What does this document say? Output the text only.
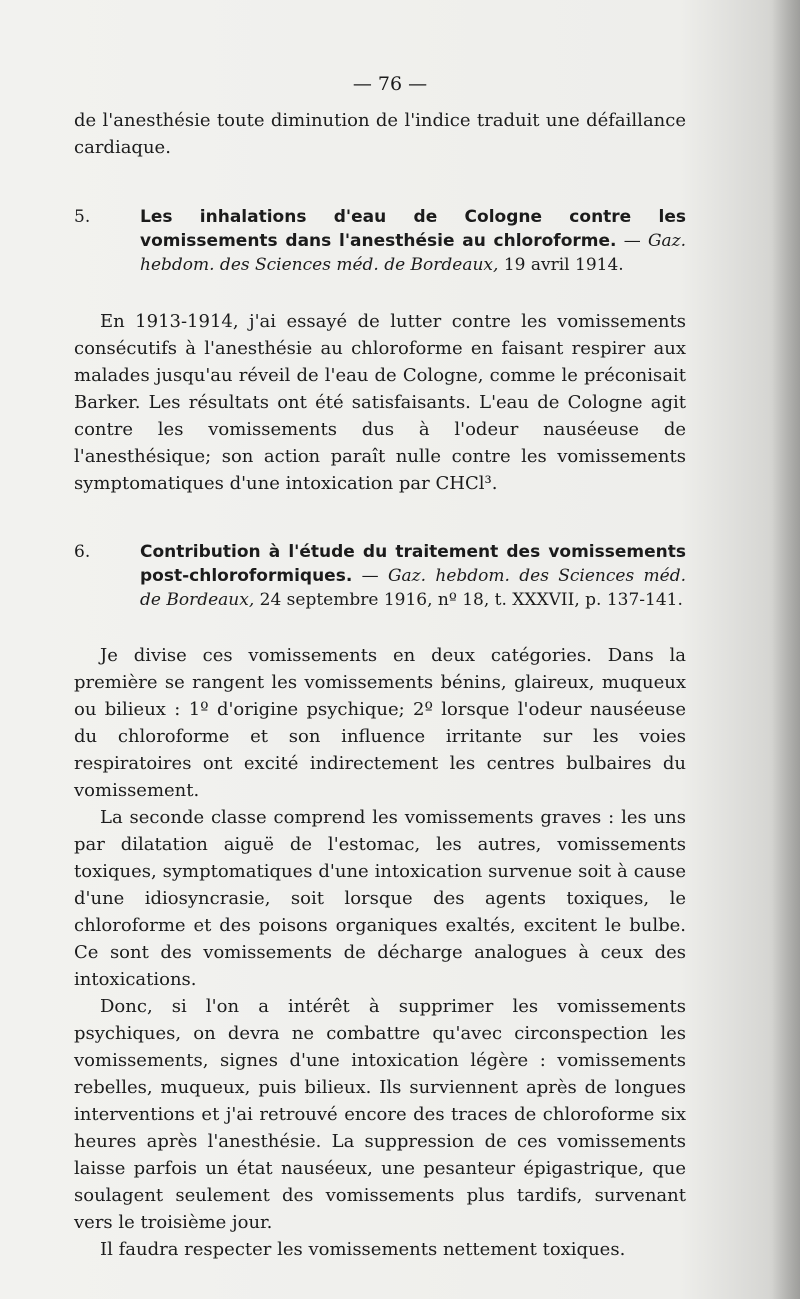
— 76 —

de l'anesthésie toute diminution de l'indice traduit une défaillance cardiaque.

5.	Les inhalations d'eau de Cologne contre les vomissements dans l'anesthésie au chloroforme. — Gaz. hebdom. des Sciences méd. de Bordeaux, 19 avril 1914.

En 1913-1914, j'ai essayé de lutter contre les vomissements consécutifs à l'anesthésie au chloroforme en faisant respirer aux malades jusqu'au réveil de l'eau de Cologne, comme le préconisait Barker. Les résultats ont été satisfaisants. L'eau de Cologne agit contre les vomissements dus à l'odeur nauséeuse de l'anesthésique; son action paraît nulle contre les vomissements symptomatiques d'une intoxication par CHCl³.

6.	Contribution à l'étude du traitement des vomissements post-chloroformiques. — Gaz. hebdom. des Sciences méd. de Bordeaux, 24 septembre 1916, nº 18, t. XXXVII, p. 137-141.

Je divise ces vomissements en deux catégories. Dans la première se rangent les vomissements bénins, glaireux, muqueux ou bilieux : 1º d'origine psychique; 2º lorsque l'odeur nauséeuse du chloroforme et son influence irritante sur les voies respiratoires ont excité indirectement les centres bulbaires du vomissement.

La seconde classe comprend les vomissements graves : les uns par dilatation aiguë de l'estomac, les autres, vomissements toxiques, symptomatiques d'une intoxication survenue soit à cause d'une idiosyncrasie, soit lorsque des agents toxiques, le chloroforme et des poisons organiques exaltés, excitent le bulbe. Ce sont des vomissements de décharge analogues à ceux des intoxications.

Donc, si l'on a intérêt à supprimer les vomissements psychiques, on devra ne combattre qu'avec circonspection les vomissements, signes d'une intoxication légère : vomissements rebelles, muqueux, puis bilieux. Ils surviennent après de longues interventions et j'ai retrouvé encore des traces de chloroforme six heures après l'anesthésie. La suppression de ces vomissements laisse parfois un état nauséeux, une pesanteur épigastrique, que soulagent seulement des vomissements plus tardifs, survenant vers le troisième jour.

Il faudra respecter les vomissements nettement toxiques.
